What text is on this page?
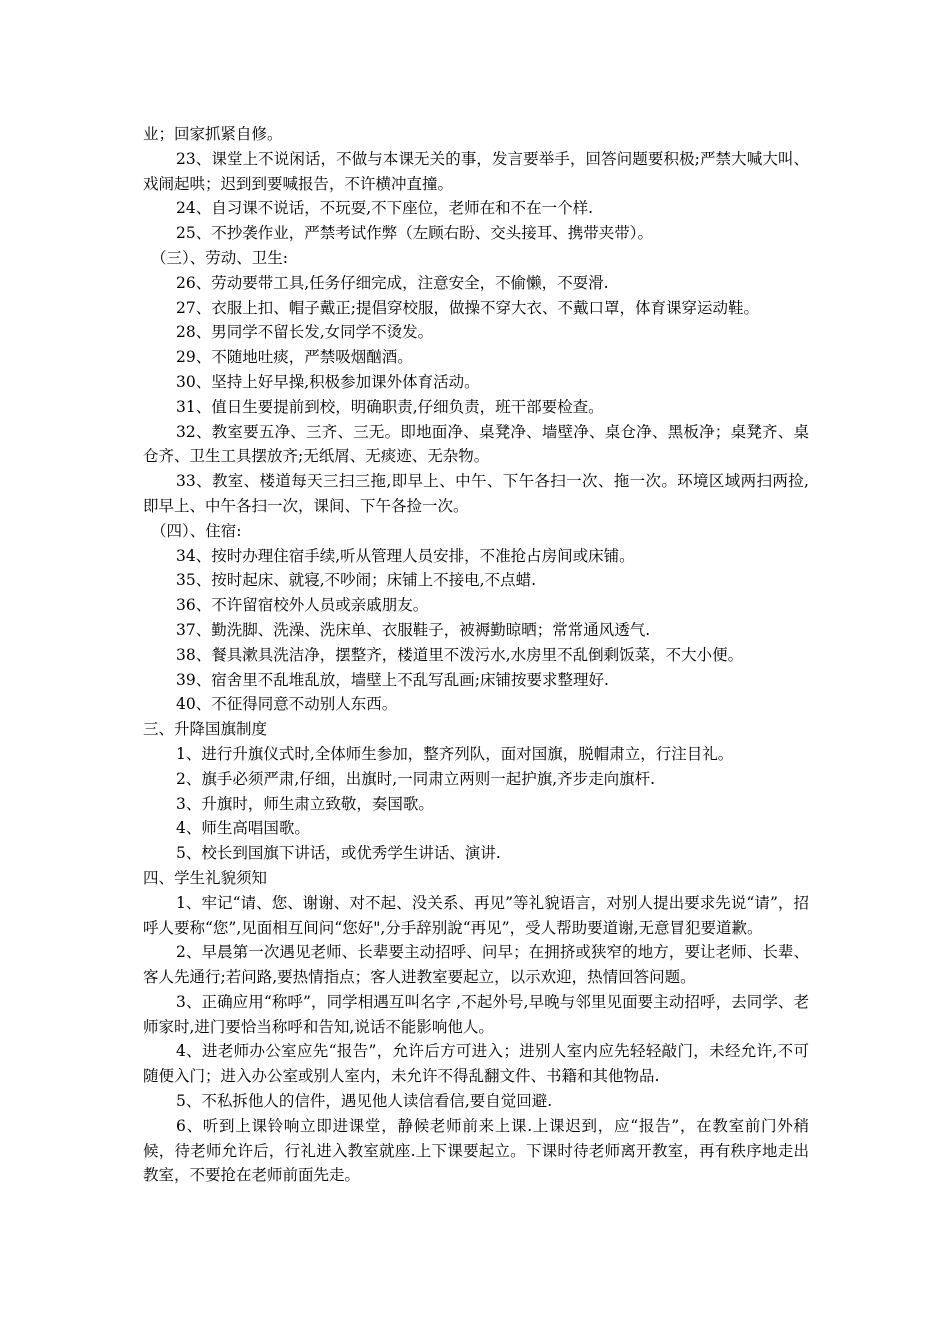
业；回家抓紧自修。

23、课堂上不说闲话，不做与本课无关的事，发言要举手，回答问题要积极;严禁大喊大叫、戏闹起哄；迟到到要喊报告，不许横冲直撞。

24、自习课不说话，不玩耍,不下座位，老师在和不在一个样.

25、不抄袭作业，严禁考试作弊（左顾右盼、交头接耳、携带夹带）。

（三）、劳动、卫生:

26、劳动要带工具,任务仔细完成，注意安全，不偷懒，不耍滑.

27、衣服上扣、帽子戴正;提倡穿校服，做操不穿大衣、不戴口罩，体育课穿运动鞋。

28、男同学不留长发,女同学不烫发。

29、不随地吐痰，严禁吸烟酗酒。

30、坚持上好早操,积极参加课外体育活动。

31、值日生要提前到校，明确职责,仔细负责，班干部要检查。

32、教室要五净、三齐、三无。即地面净、桌凳净、墙壁净、桌仓净、黑板净；桌凳齐、桌仓齐、卫生工具摆放齐;无纸屑、无痰迹、无杂物。

33、教室、楼道每天三扫三拖,即早上、中午、下午各扫一次、拖一次。环境区域两扫两捡,即早上、中午各扫一次，课间、下午各捡一次。

（四）、住宿:

34、按时办理住宿手续,听从管理人员安排，不准抢占房间或床铺。

35、按时起床、就寝,不吵闹；床铺上不接电,不点蜡.

36、不许留宿校外人员或亲戚朋友。

37、勤洗脚、洗澡、洗床单、衣服鞋子，被褥勤晾晒；常常通风透气.

38、餐具漱具洗洁净，摆整齐，楼道里不泼污水,水房里不乱倒剩饭菜，不大小便。

39、宿舍里不乱堆乱放，墙壁上不乱写乱画;床铺按要求整理好.

40、不征得同意不动别人东西。

三、升降国旗制度

1、进行升旗仪式时,全体师生参加，整齐列队，面对国旗，脱帽肃立，行注目礼。

2、旗手必须严肃,仔细，出旗时,一同肃立两则一起护旗,齐步走向旗杆.

3、升旗时，师生肃立致敬，奏国歌。

4、师生高唱国歌。

5、校长到国旗下讲话，或优秀学生讲话、演讲.

四、学生礼貌须知

1、牢记“请、您、谢谢、对不起、没关系、再见”等礼貌语言，对别人提出要求先说“请”，招呼人要称“您”,见面相互间问“您好",分手辞别說“再见”，受人帮助要道谢,无意冒犯要道歉。

2、早晨第一次遇见老师、长辈要主动招呼、问早；在拥挤或狭窄的地方，要让老师、长辈、客人先通行;若问路,要热情指点；客人进教室要起立，以示欢迎，热情回答问题。

3、正确应用“称呼”，同学相遇互叫名字 ,不起外号,早晚与邻里见面要主动招呼，去同学、老师家时,进门要恰当称呼和告知,说话不能影响他人。

4、进老师办公室应先“报告”，允许后方可进入；进别人室内应先轻轻敲门，未经允许,不可随便入门；进入办公室或别人室内，未允许不得乱翻文件、书籍和其他物品.

5、不私拆他人的信件，遇见他人读信看信,要自觉回避.

6、听到上课铃响立即进课堂，静候老师前来上课.上课迟到，应“报告”，在教室前门外稍候，待老师允许后，行礼进入教室就座.上下课要起立。下课时待老师离开教室，再有秩序地走出教室，不要抢在老师前面先走。
